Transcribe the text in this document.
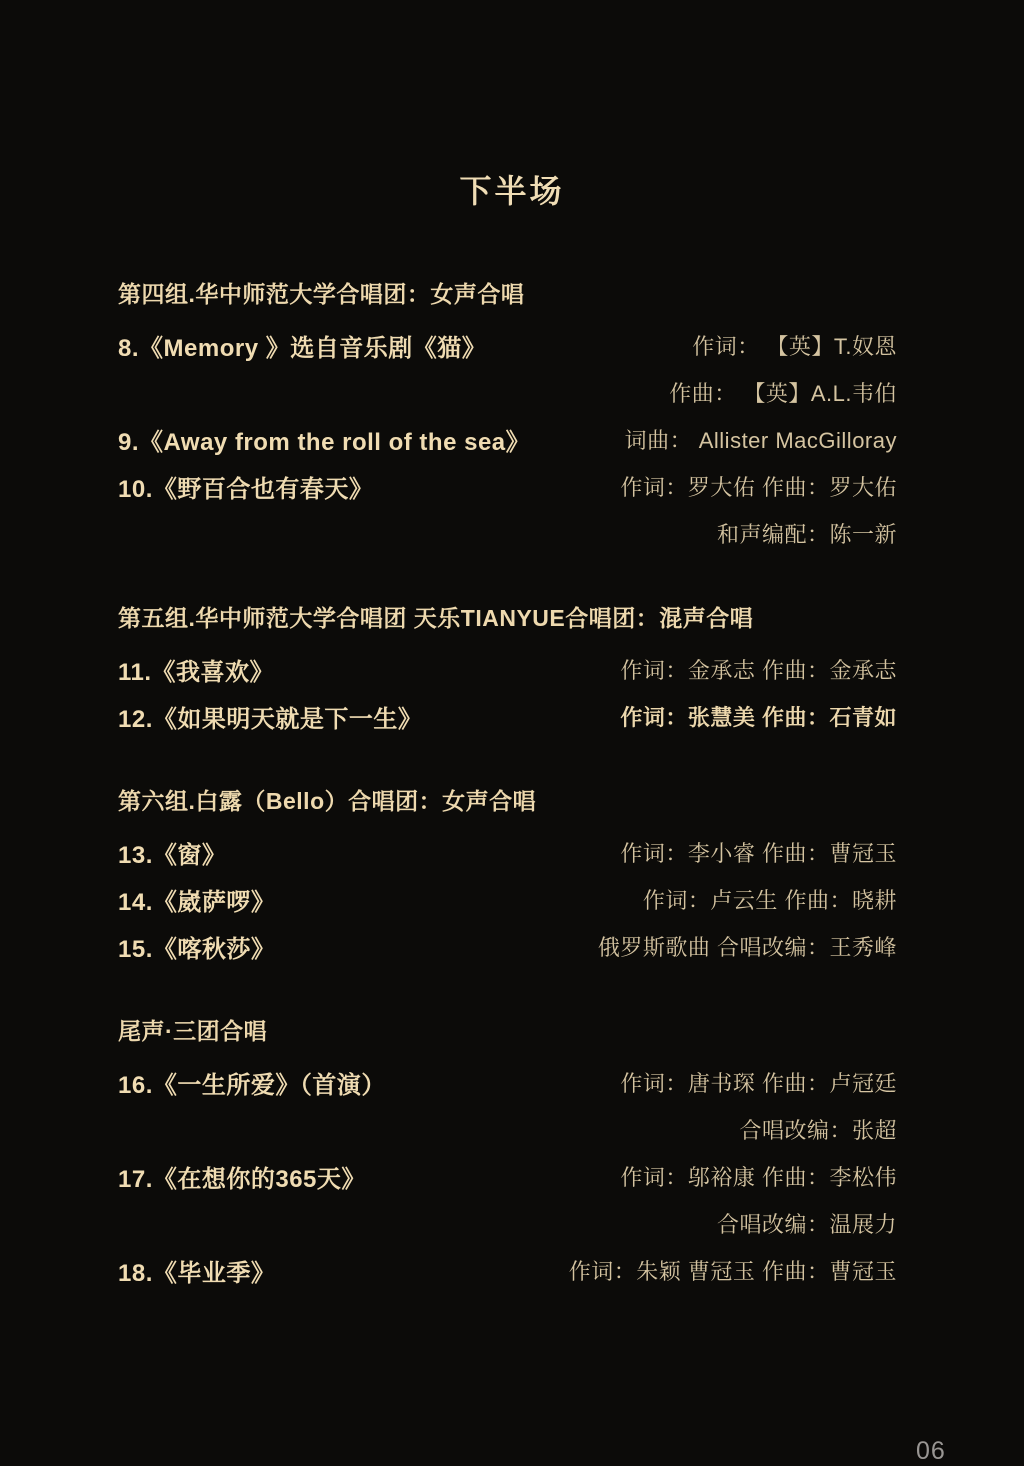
下半场
第四组.华中师范大学合唱团：女声合唱
8.《Memory 》选自音乐剧《猫》	作词： 【英】T.奴恩
作曲： 【英】A.L.韦伯
9.《Away from the roll of the sea》	词曲： Allister MacGilloray
10.《野百合也有春天》	作词：罗大佑 作曲：罗大佑
和声编配：陈一新
第五组.华中师范大学合唱团 天乐TIANYUE合唱团：混声合唱
11.《我喜欢》	作词：金承志 作曲：金承志
12.《如果明天就是下一生》	作词：张慧美 作曲：石青如
第六组.白露（Bello）合唱团：女声合唱
13.《窗》	作词：李小睿 作曲：曹冠玉
14.《崴萨啰》	作词：卢云生 作曲：晓耕
15.《喀秋莎》	俄罗斯歌曲 合唱改编：王秀峰
尾声·三团合唱
16.《一生所爱》（首演）	作词：唐书琛 作曲：卢冠廷
合唱改编：张超
17.《在想你的365天》	作词：邬裕康 作曲：李松伟
合唱改编：温展力
18.《毕业季》	作词：朱颖 曹冠玉 作曲：曹冠玉
06
